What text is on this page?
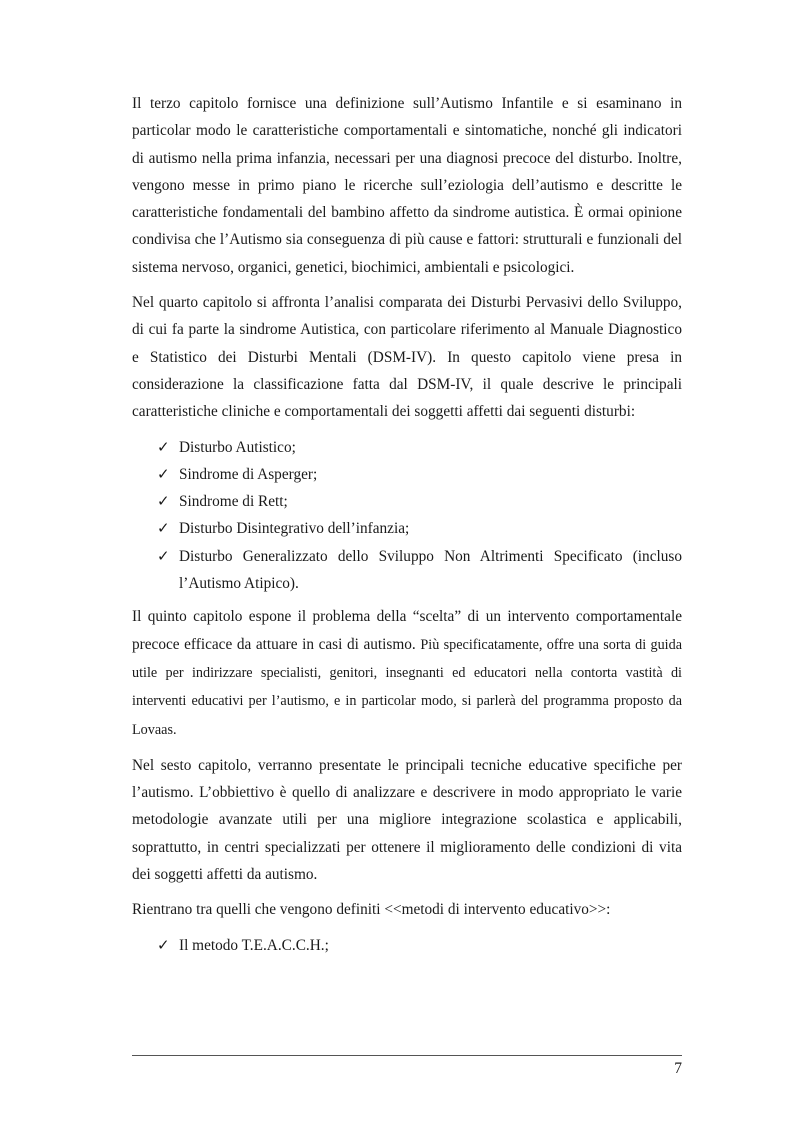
Il terzo capitolo fornisce una definizione sull’Autismo Infantile e si esaminano in particolar modo le caratteristiche comportamentali e sintomatiche, nonché gli indicatori di autismo nella prima infanzia, necessari per una diagnosi precoce del disturbo. Inoltre, vengono messe in primo piano le ricerche sull’eziologia dell’autismo e descritte le caratteristiche fondamentali del bambino affetto da sindrome autistica. È ormai opinione condivisa che l’Autismo sia conseguenza di più cause e fattori: strutturali e funzionali del sistema nervoso, organici, genetici, biochimici, ambientali e psicologici.

Nel quarto capitolo si affronta l’analisi comparata dei Disturbi Pervasivi dello Sviluppo, di cui fa parte la sindrome Autistica, con particolare riferimento al Manuale Diagnostico e Statistico dei Disturbi Mentali (DSM-IV). In questo capitolo viene presa in considerazione la classificazione fatta dal DSM-IV, il quale descrive le principali caratteristiche cliniche e comportamentali dei soggetti affetti dai seguenti disturbi:

✓ Disturbo Autistico;
✓ Sindrome di Asperger;
✓ Sindrome di Rett;
✓ Disturbo Disintegrativo dell’infanzia;
✓ Disturbo Generalizzato dello Sviluppo Non Altrimenti Specificato (incluso l’Autismo Atipico).

Il quinto capitolo espone il problema della “scelta” di un intervento comportamentale precoce efficace da attuare in casi di autismo. Più specificatamente, offre una sorta di guida utile per indirizzare specialisti, genitori, insegnanti ed educatori nella contorta vastità di interventi educativi per l’autismo, e in particolar modo, si parlerà del programma proposto da Lovaas.

Nel sesto capitolo, verranno presentate le principali tecniche educative specifiche per l’autismo. L’obbiettivo è quello di analizzare e descrivere in modo appropriato le varie metodologie avanzate utili per una migliore integrazione scolastica e applicabili, soprattutto, in centri specializzati per ottenere il miglioramento delle condizioni di vita dei soggetti affetti da autismo.

Rientrano tra quelli che vengono definiti <<metodi di intervento educativo>>:

✓ Il metodo T.E.A.C.C.H.;
7
